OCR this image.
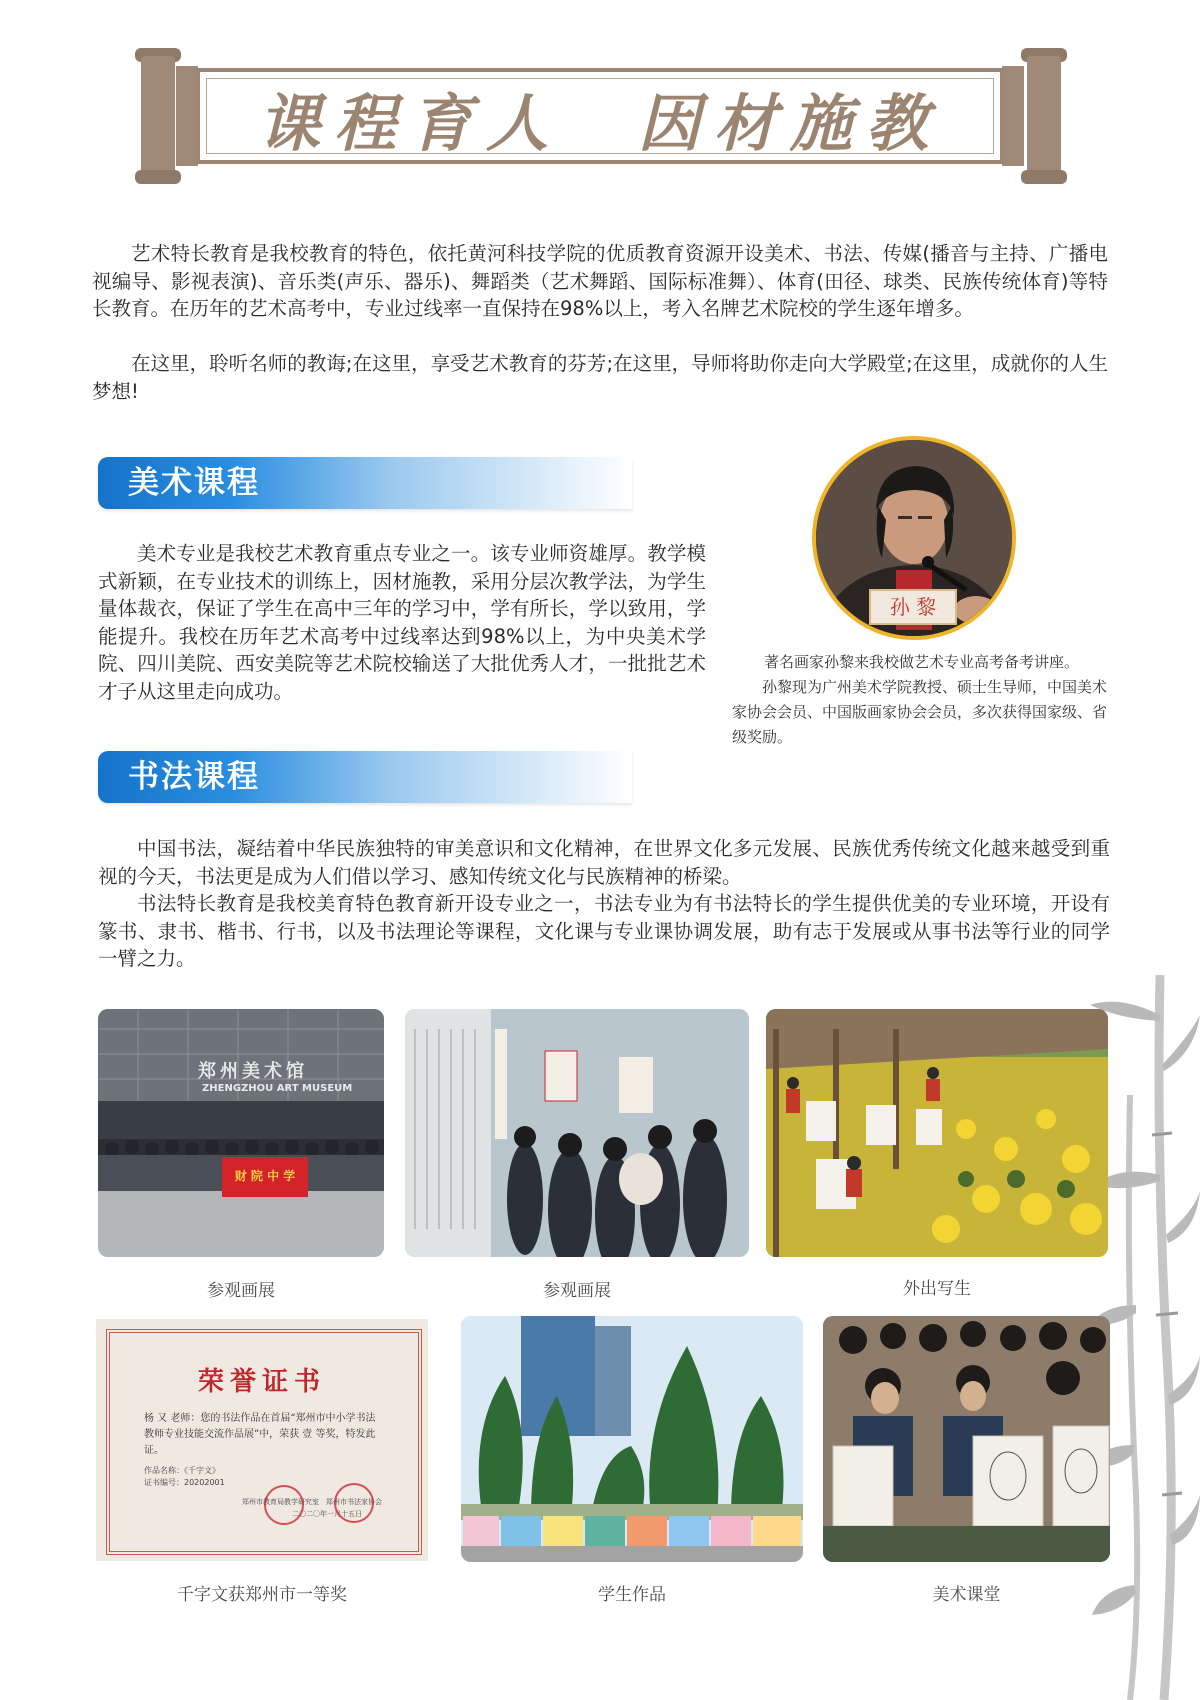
课程育人　因材施教

艺术特长教育是我校教育的特色，依托黄河科技学院的优质教育资源开设美术、书法、传媒(播音与主持、广播电视编导、影视表演)、音乐类(声乐、器乐)、舞蹈类（艺术舞蹈、国际标准舞）、体育(田径、球类、民族传统体育)等特长教育。在历年的艺术高考中，专业过线率一直保持在98%以上，考入名牌艺术院校的学生逐年增多。

在这里，聆听名师的教诲;在这里，享受艺术教育的芬芳;在这里，导师将助你走向大学殿堂;在这里，成就你的人生梦想!

美术课程

美术专业是我校艺术教育重点专业之一。该专业师资雄厚。教学模式新颖，在专业技术的训练上，因材施教，采用分层次教学法，为学生量体裁衣，保证了学生在高中三年的学习中，学有所长，学以致用，学能提升。我校在历年艺术高考中过线率达到98%以上，为中央美术学院、四川美院、西安美院等艺术院校输送了大批优秀人才，一批批艺术才子从这里走向成功。

孙 黎
著名画家孙黎来我校做艺术专业高考备考讲座。
孙黎现为广州美术学院教授、硕士生导师，中国美术家协会会员、中国版画家协会会员，多次获得国家级、省级奖励。
书法课程

中国书法，凝结着中华民族独特的审美意识和文化精神，在世界文化多元发展、民族优秀传统文化越来越受到重视的今天，书法更是成为人们借以学习、感知传统文化与民族精神的桥梁。

书法特长教育是我校美育特色教育新开设专业之一，书法专业为有书法特长的学生提供优美的专业环境，开设有篆书、隶书、楷书、行书，以及书法理论等课程，文化课与专业课协调发展，助有志于发展或从事书法等行业的同学一臂之力。

郑州美术馆
ZHENGZHOU ART MUSEUM
财 院 中 学
参观画展	参观画展	外出写生
荣誉证书
杨 又 老师：您的书法作品在首届“郑州市中小学书法教师专业技能交流作品展”中，荣获 壹 等奖，特发此证。
作品名称：《千字文》
证书编号：20202001
郑州市教育局教学研究室　郑州市书法家协会
二〇二〇年一月十五日
千字文获郑州市一等奖	学生作品	美术课堂
